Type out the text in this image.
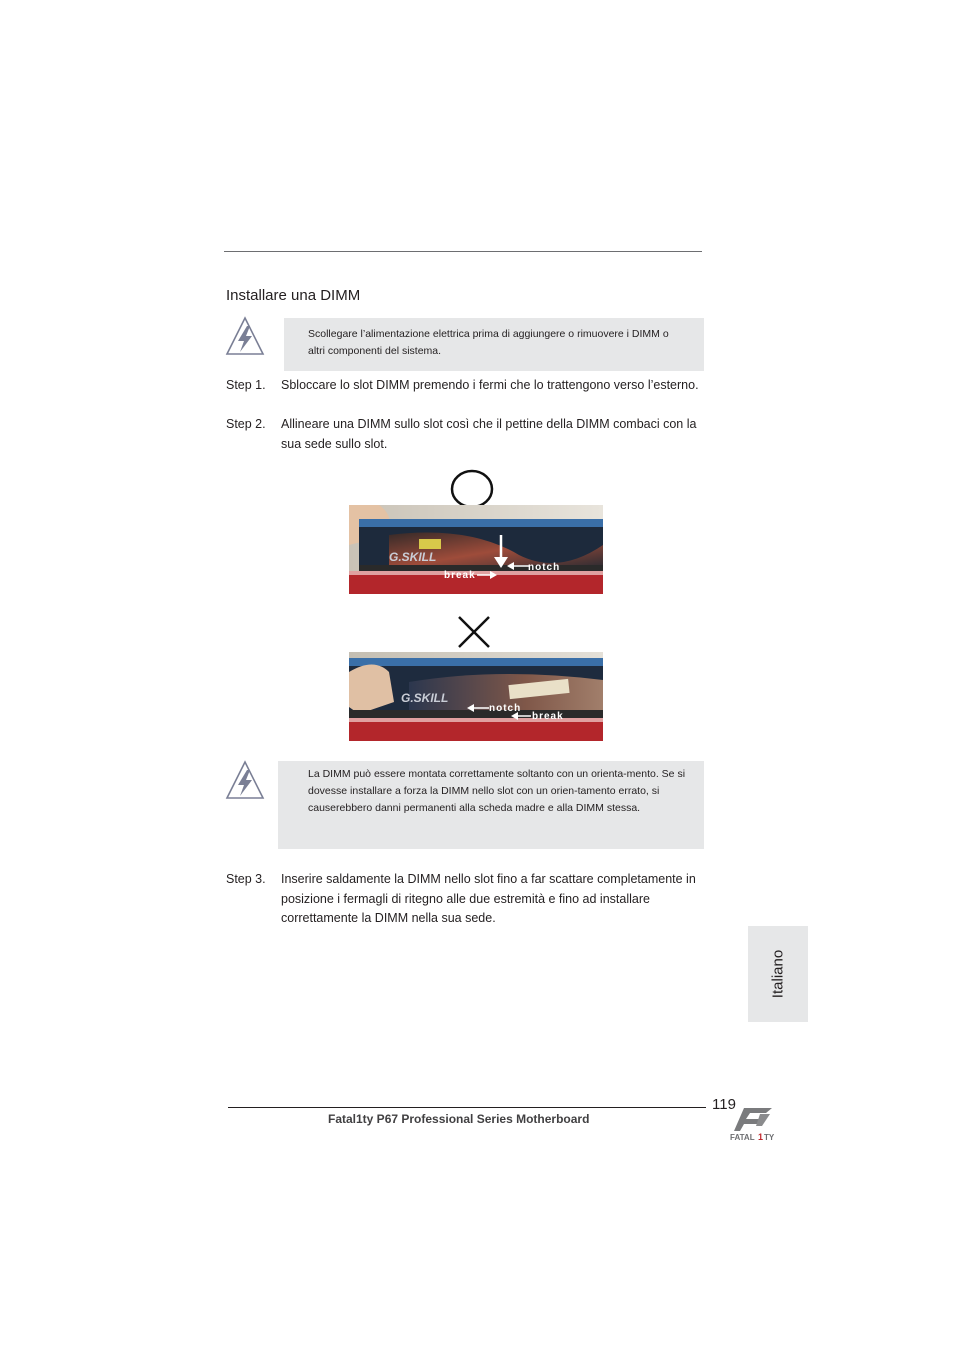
Installare una DIMM
Scollegare l’alimentazione elettrica prima di aggiungere o rimuovere i DIMM o altri componenti del sistema.
Step 1. Sbloccare lo slot DIMM premendo i fermi che lo trattengono verso l’esterno.
Step 2. Allineare una DIMM sullo slot così che il pettine della DIMM combaci con la sua sede sullo slot.
G.SKILL
notch
break
G.SKILL
notch
break
La DIMM può essere montata correttamente soltanto con un orienta-mento. Se si dovesse installare a forza la DIMM nello slot con un orien-tamento errato, si causerebbero danni permanenti alla scheda madre e alla DIMM stessa.
Step 3. Inserire saldamente la DIMM nello slot fino a far scattare completamente in posizione i fermagli di ritegno alle due estremità e fino ad installare correttamente la DIMM nella sua sede.
Italiano
119
Fatal1ty P67 Professional Series Motherboard
FATAL 1 TY
